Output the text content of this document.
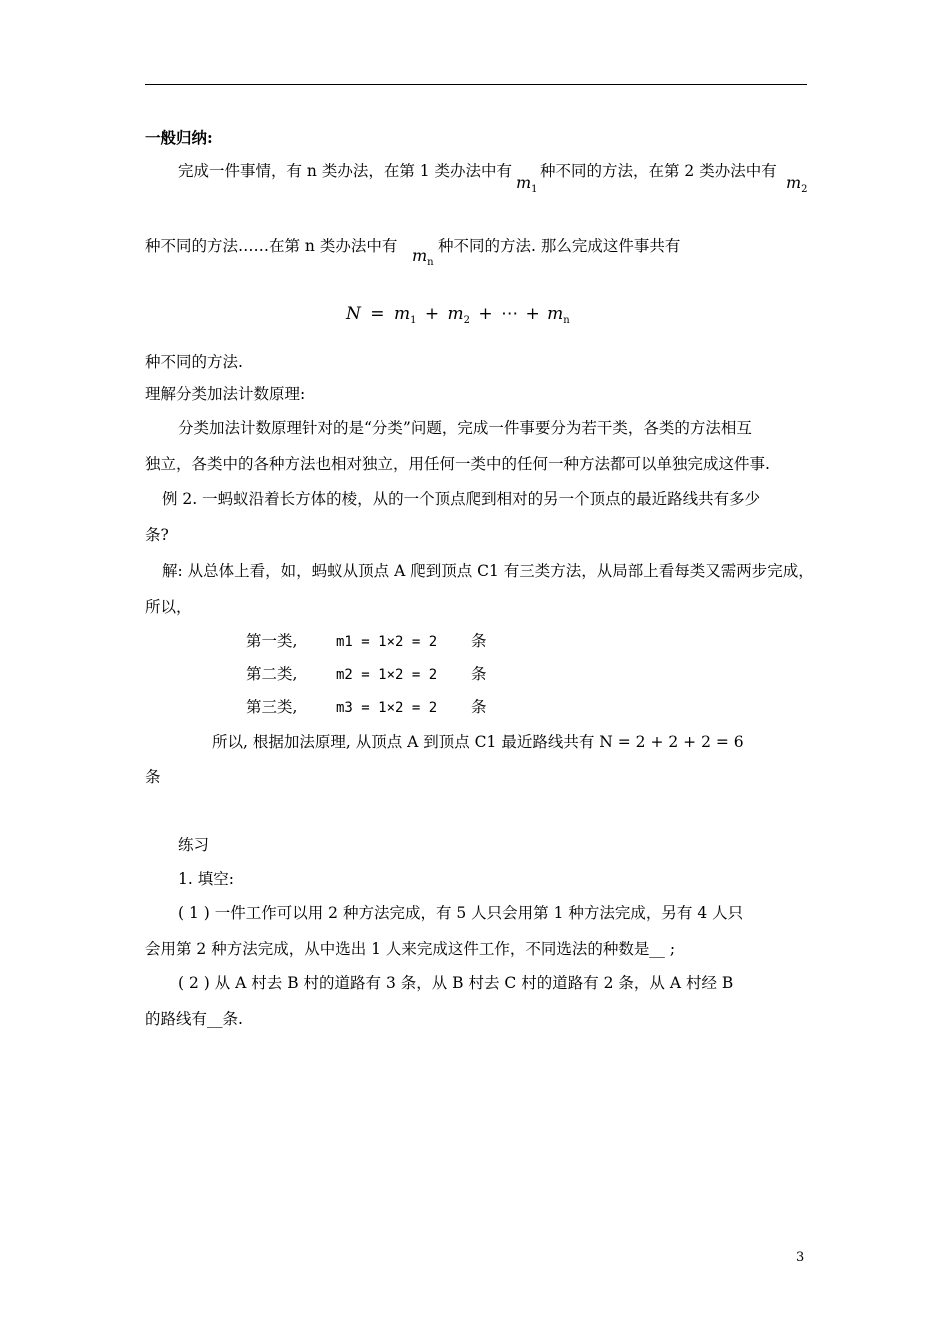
一般归纳:
完成一件事情，有 n 类办法，在第 1 类办法中有
$m_1$
种不同的方法，在第 2 类办法中有
$m_2$
种不同的方法……在第 n 类办法中有 $m_n$
种不同的方法. 那么完成这件事共有
$N = m_1 + m_2$ + ⋯ + $m_n$
种不同的方法.
理解分类加法计数原理:
分类加法计数原理针对的是“分类”问题，完成一件事要分为若干类，各类的方法相互
独立，各类中的各种方法也相对独立，用任何一类中的任何一种方法都可以单独完成这件事.
例 2. 一蚂蚁沿着长方体的棱，从的一个顶点爬到相对的另一个顶点的最近路线共有多少
条?
解: 从总体上看，如，蚂蚁从顶点 A 爬到顶点 C1 有三类方法，从局部上看每类又需两步完成，
所以，
第一类,	m1 = 1×2 = 2 条
第二类,	m2 = 1×2 = 2 条
第三类,	m3 = 1×2 = 2 条
所以, 根据加法原理, 从顶点 A 到顶点 C1 最近路线共有 N = 2 + 2 + 2 = 6
条
练习
1. 填空:
( 1 ) 一件工作可以用 2 种方法完成，有 5 人只会用第 1 种方法完成，另有 4 人只
会用第 2 种方法完成，从中选出 1 人来完成这件工作，不同选法的种数是__ ;
( 2 ) 从 A 村去 B 村的道路有 3 条，从 B 村去 C 村的道路有 2 条，从 A 村经 B
的路线有__条.
3
